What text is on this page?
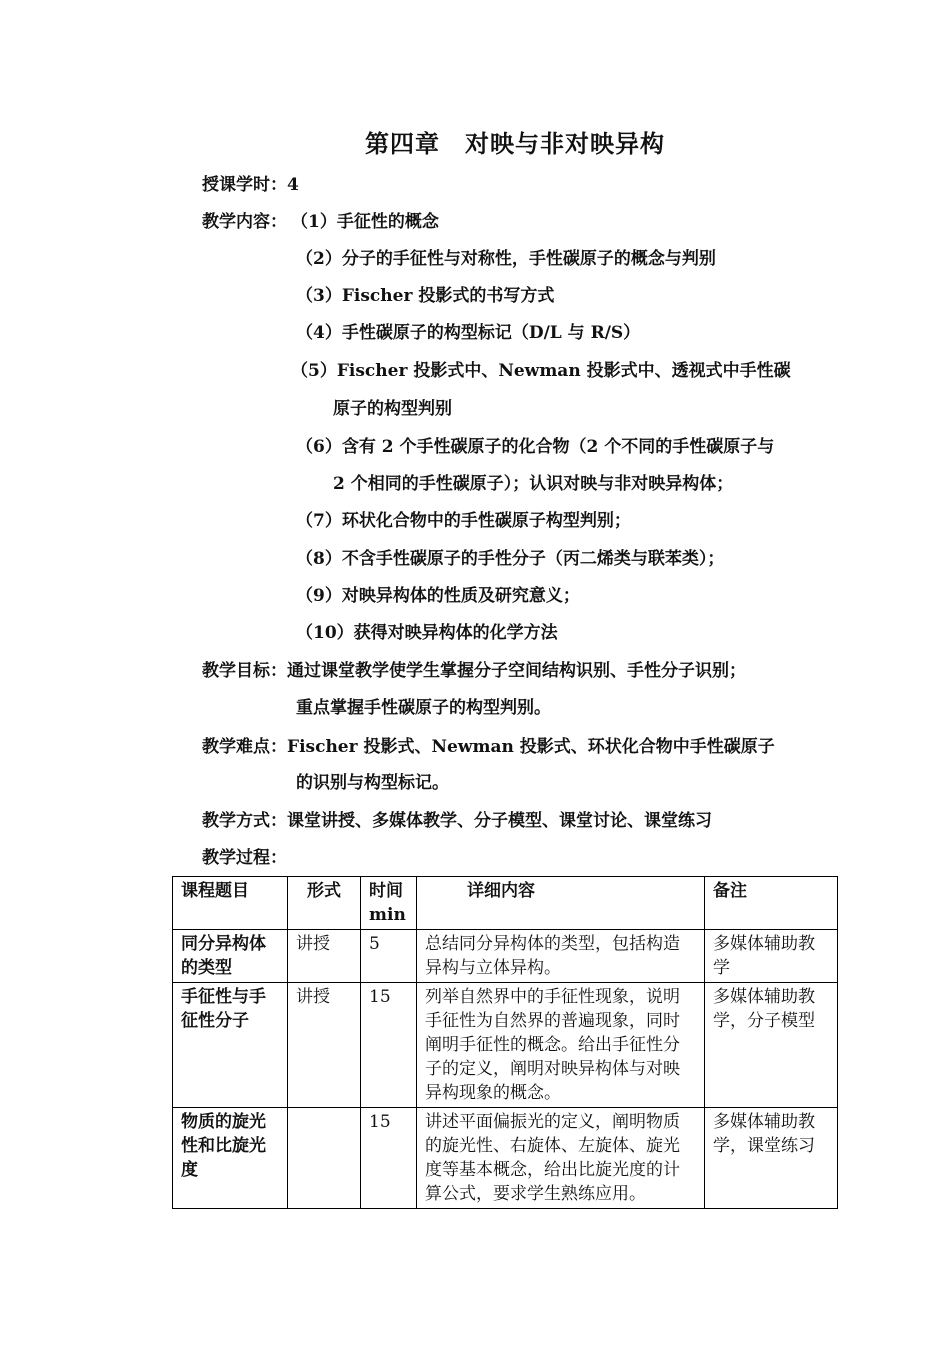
第四章　对映与非对映异构
授课学时：4
教学内容： （1）手征性的概念
（2）分子的手征性与对称性，手性碳原子的概念与判别
（3）Fischer 投影式的书写方式
（4）手性碳原子的构型标记（D/L 与 R/S）
（5）Fischer 投影式中、Newman 投影式中、透视式中手性碳
原子的构型判别
（6）含有 2 个手性碳原子的化合物（2 个不同的手性碳原子与
2 个相同的手性碳原子）；认识对映与非对映异构体；
（7）环状化合物中的手性碳原子构型判别；
（8）不含手性碳原子的手性分子（丙二烯类与联苯类）；
（9）对映异构体的性质及研究意义；
（10）获得对映异构体的化学方法
教学目标：通过课堂教学使学生掌握分子空间结构识别、手性分子识别；
重点掌握手性碳原子的构型判别。
教学难点：Fischer 投影式、Newman 投影式、环状化合物中手性碳原子
的识别与构型标记。
教学方式：课堂讲授、多媒体教学、分子模型、课堂讨论、课堂练习
教学过程：
课程题目	形式	时间min	详细内容	备注
同分异构体的类型	讲授	5	总结同分异构体的类型，包括构造异构与立体异构。	多媒体辅助教学
手征性与手征性分子	讲授	15	列举自然界中的手征性现象，说明手征性为自然界的普遍现象，同时阐明手征性的概念。给出手征性分子的定义，阐明对映异构体与对映异构现象的概念。	多媒体辅助教学，分子模型
物质的旋光性和比旋光度		15	讲述平面偏振光的定义，阐明物质的旋光性、右旋体、左旋体、旋光度等基本概念，给出比旋光度的计算公式，要求学生熟练应用。	多媒体辅助教学，课堂练习
